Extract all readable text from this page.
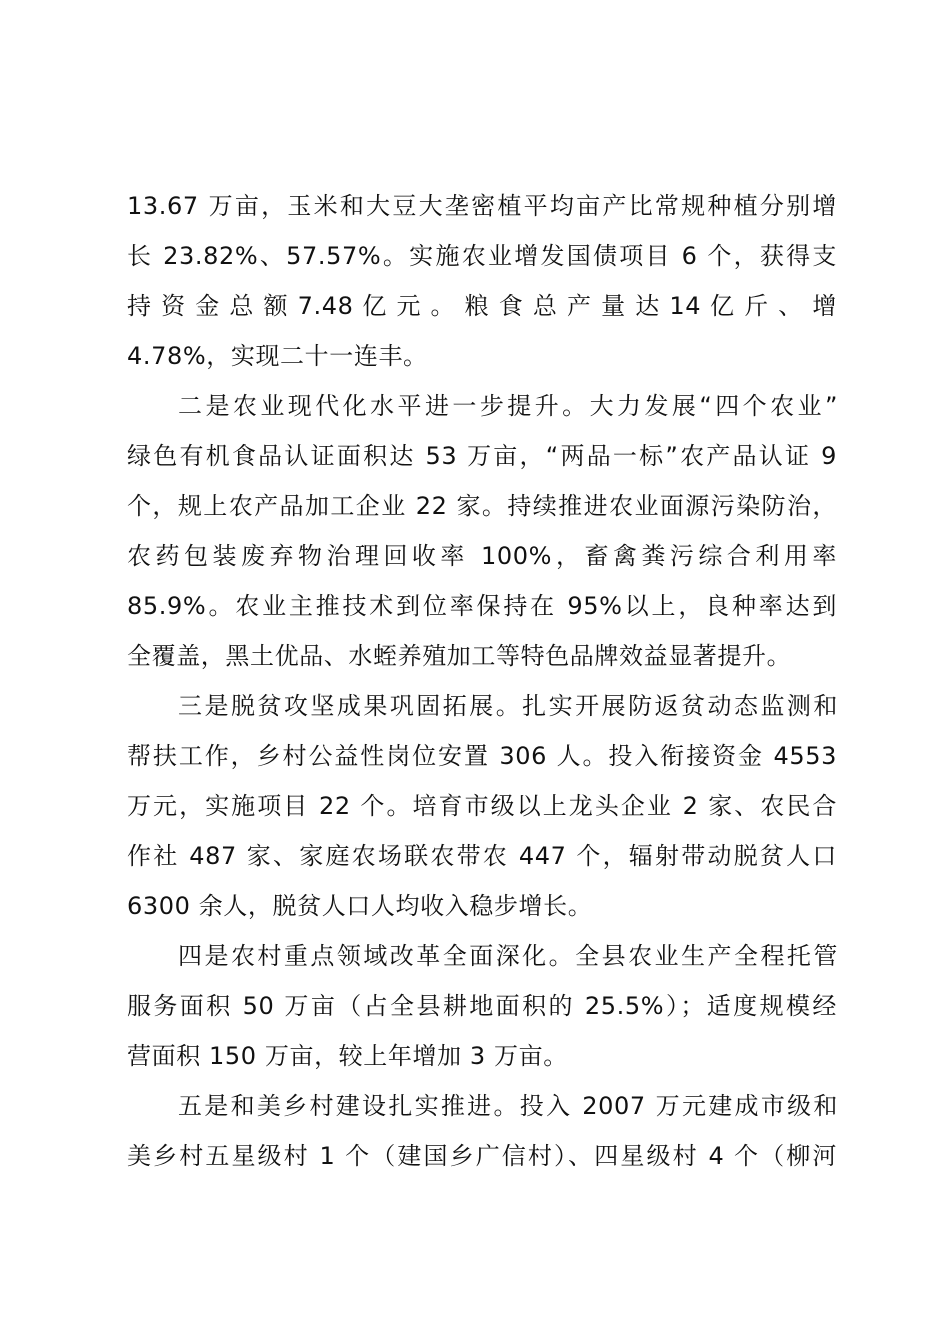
13.67 万亩，玉米和大豆大垄密植平均亩产比常规种植分别增
长 23.82%、57.57%。实施农业增发国债项目 6 个，获得支
持 资 金 总 额 7.48 亿 元 。 粮 食 总 产 量 达 14 亿 斤 、 增
4.78%，实现二十一连丰。
二是农业现代化水平进一步提升。大力发展“四个农业”
绿色有机食品认证面积达 53 万亩，“两品一标”农产品认证 9
个，规上农产品加工企业 22 家。持续推进农业面源污染防治，
农药包装废弃物治理回收率 100%，畜禽粪污综合利用率
85.9%。农业主推技术到位率保持在 95%以上，良种率达到
全覆盖，黑土优品、水蛭养殖加工等特色品牌效益显著提升。
三是脱贫攻坚成果巩固拓展。扎实开展防返贫动态监测和
帮扶工作，乡村公益性岗位安置 306 人。投入衔接资金 4553
万元，实施项目 22 个。培育市级以上龙头企业 2 家、农民合
作社 487 家、家庭农场联农带农 447 个，辐射带动脱贫人口
6300 余人，脱贫人口人均收入稳步增长。
四是农村重点领域改革全面深化。全县农业生产全程托管
服务面积 50 万亩（占全县耕地面积的 25.5%）；适度规模经
营面积 150 万亩，较上年增加 3 万亩。
五是和美乡村建设扎实推进。投入 2007 万元建成市级和
美乡村五星级村 1 个（建国乡广信村）、四星级村 4 个（柳河
